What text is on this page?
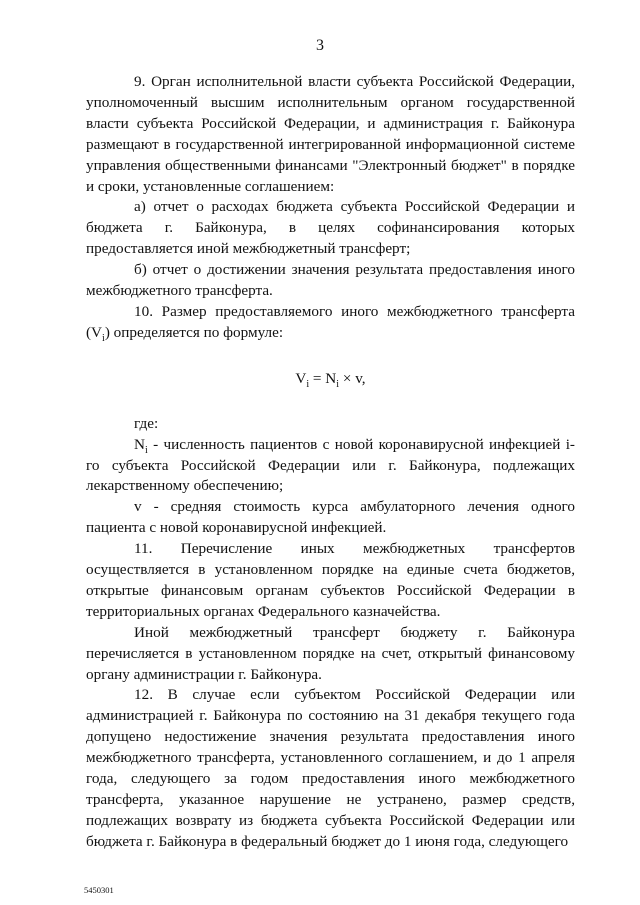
3

9. Орган исполнительной власти субъекта Российской Федерации, уполномоченный высшим исполнительным органом государственной власти субъекта Российской Федерации, и администрация г. Байконура размещают в государственной интегрированной информационной системе управления общественными финансами "Электронный бюджет" в порядке и сроки, установленные соглашением:

а) отчет о расходах бюджета субъекта Российской Федерации и бюджета г. Байконура, в целях софинансирования которых предоставляется иной межбюджетный трансферт;

б) отчет о достижении значения результата предоставления иного межбюджетного трансферта.

10. Размер предоставляемого иного межбюджетного трансферта $(V_i)$ определяется по формуле:

$V_i = N_i \times v$,

где:

$N_i$ - численность пациентов с новой коронавирусной инфекцией i-го субъекта Российской Федерации или г. Байконура, подлежащих лекарственному обеспечению;

v - средняя стоимость курса амбулаторного лечения одного пациента с новой коронавирусной инфекцией.

11. Перечисление иных межбюджетных трансфертов осуществляется в установленном порядке на единые счета бюджетов, открытые финансовым органам субъектов Российской Федерации в территориальных органах Федерального казначейства.

Иной межбюджетный трансферт бюджету г. Байконура перечисляется в установленном порядке на счет, открытый финансовому органу администрации г. Байконура.

12. В случае если субъектом Российской Федерации или администрацией г. Байконура по состоянию на 31 декабря текущего года допущено недостижение значения результата предоставления иного межбюджетного трансферта, установленного соглашением, и до 1 апреля года, следующего за годом предоставления иного межбюджетного трансферта, указанное нарушение не устранено, размер средств, подлежащих возврату из бюджета субъекта Российской Федерации или бюджета г. Байконура в федеральный бюджет до 1 июня года, следующего

5450301
